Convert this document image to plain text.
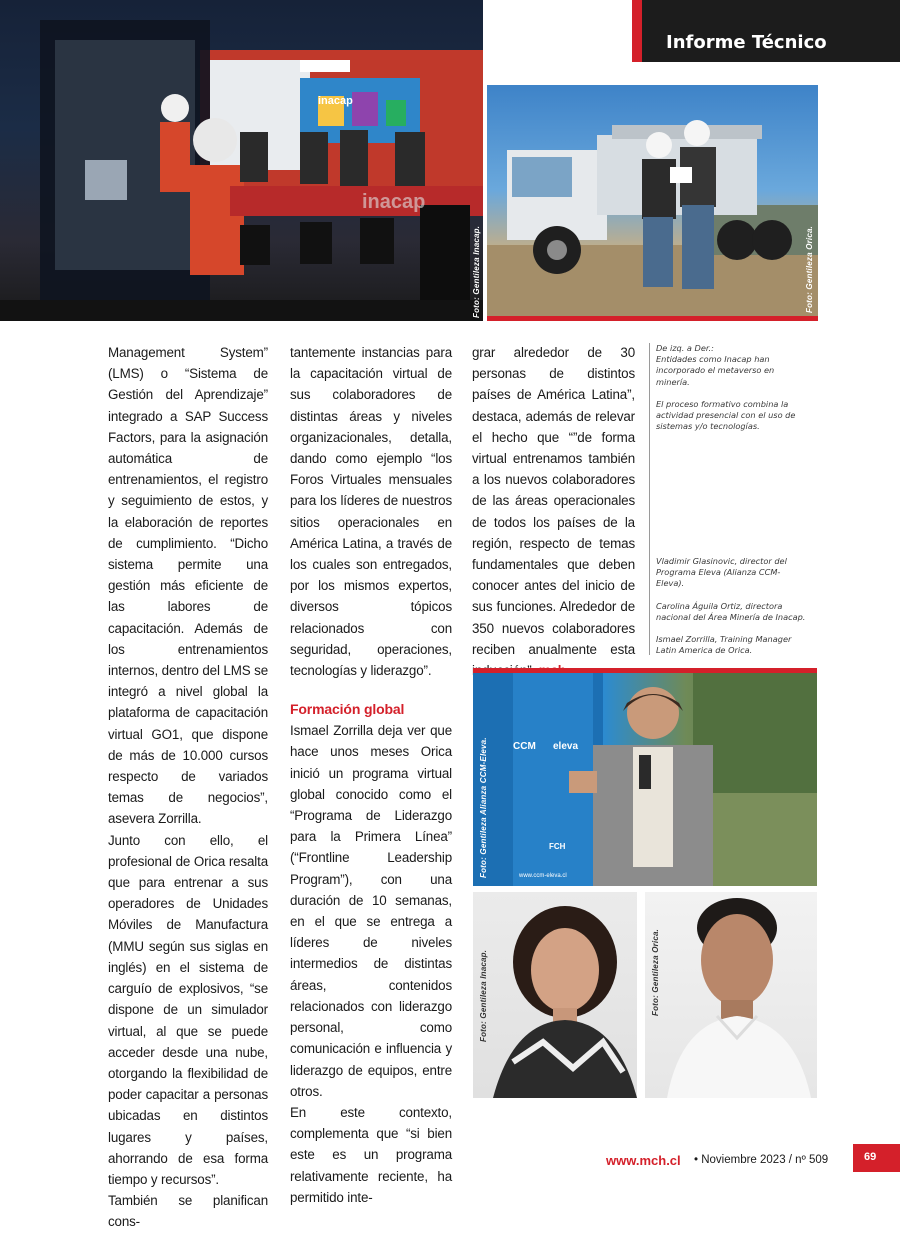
Informe Técnico
inacap
inacap
Foto: Gentileza Inacap.	Foto: Gentileza Orica.

Management System” (LMS) o “Sistema de Gestión del Aprendizaje” integrado a SAP Success Factors, para la asignación automática de entrenamientos, el registro y seguimiento de estos, y la elaboración de reportes de cumplimiento. “Dicho sistema permite una gestión más eficiente de las labores de capacitación. Además de los entrenamientos internos, dentro del LMS se integró a nivel global la plataforma de capacitación virtual GO1, que dispone de más de 10.000 cursos respecto de variados temas de negocios”, asevera Zorrilla.

Junto con ello, el profesional de Orica resalta que para entrenar a sus operadores de Unidades Móviles de Manufactura (MMU según sus siglas en inglés) en el sistema de carguío de explosivos, “se dispone de un simulador virtual, al que se puede acceder desde una nube, otorgando la flexibilidad de poder capacitar a personas ubicadas en distintos lugares y países, ahorrando de esa forma tiempo y recursos”.

También se planifican cons-

tantemente instancias para la capacitación virtual de sus colaboradores de distintas áreas y niveles organizacionales, detalla, dando como ejemplo “los Foros Virtuales mensuales para los líderes de nuestros sitios operacionales en América Latina, a través de los cuales son entregados, por los mismos expertos, diversos tópicos relacionados con seguridad, operaciones, tecnologías y liderazgo”.

Formación global

Ismael Zorrilla deja ver que hace unos meses Orica inició un programa virtual global conocido como el “Programa de Liderazgo para la Primera Línea” (“Frontline Leadership Program”), con una duración de 10 semanas, en el que se entrega a líderes de niveles intermedios de distintas áreas, contenidos relacionados con liderazgo personal, como comunicación e influencia y liderazgo de equipos, entre otros.

En este contexto, complementa que “si bien este es un programa relativamente reciente, ha permitido inte-

grar alrededor de 30 personas de distintos países de América Latina”, destaca, además de relevar el hecho que “”de forma virtual entrenamos también a los nuevos colaboradores de las áreas operacionales de todos los países de la región, respecto de temas fundamentales que deben conocer antes del inicio de sus funciones. Alrededor de 350 nuevos colaboradores reciben anualmente esta

De izq. a Der.:

Entidades como Inacap han incorporado el metaverso en minería.

El proceso formativo combina la actividad presencial con el uso de sistemas y/o tecnologías.

Vladimir Glasinovic, director del Programa Eleva (Alianza CCM-Eleva).

Carolina Águila Ortiz, directora nacional del Área Minería de Inacap.

Ismael Zorrilla, Training Manager Latin America de Orica.

CCM eleva
FCH
www.ccm-eleva.cl
Foto: Gentileza Alianza CCM-Eleva.
Foto: Gentileza Inacap.	Foto: Gentileza Orica.
www.mch.cl • Noviembre 2023 / nº 509	69
